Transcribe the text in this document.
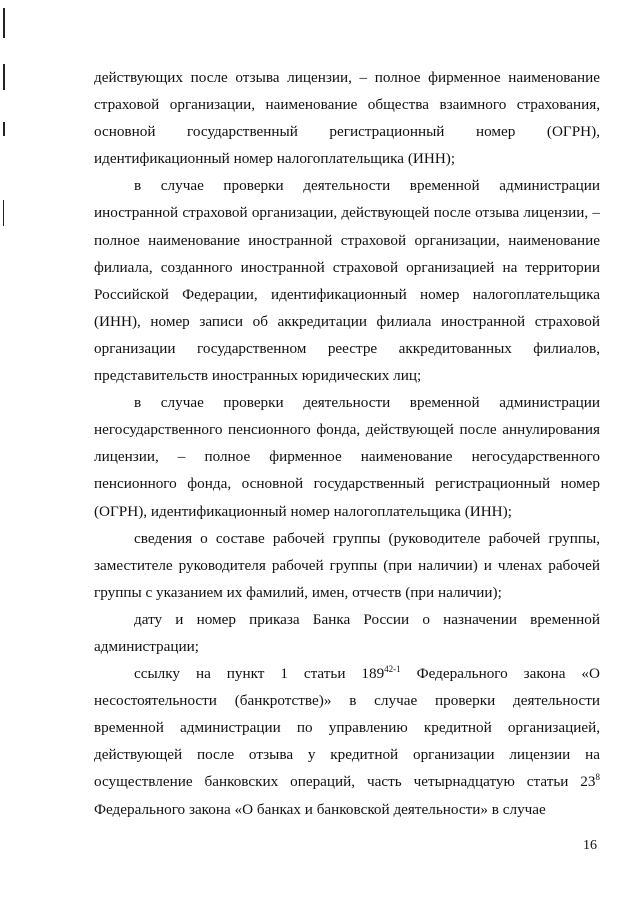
действующих после отзыва лицензии, – полное фирменное наименование страховой организации, наименование общества взаимного страхования, основной государственный регистрационный номер (ОГРН), идентификационный номер налогоплательщика (ИНН);

в случае проверки деятельности временной администрации иностранной страховой организации, действующей после отзыва лицензии, – полное наименование иностранной страховой организации, наименование филиала, созданного иностранной страховой организацией на территории Российской Федерации, идентификационный номер налогоплательщика (ИНН), номер записи об аккредитации филиала иностранной страховой организации государственном реестре аккредитованных филиалов, представительств иностранных юридических лиц;

в случае проверки деятельности временной администрации негосударственного пенсионного фонда, действующей после аннулирования лицензии, – полное фирменное наименование негосударственного пенсионного фонда, основной государственный регистрационный номер (ОГРН), идентификационный номер налогоплательщика (ИНН);

сведения о составе рабочей группы (руководителе рабочей группы, заместителе руководителя рабочей группы (при наличии) и членах рабочей группы с указанием их фамилий, имен, отчеств (при наличии);

дату и номер приказа Банка России о назначении временной администрации;

ссылку на пункт 1 статьи 189$^{42-1}$ Федерального закона «О несостоятельности (банкротстве)» в случае проверки деятельности временной администрации по управлению кредитной организацией, действующей после отзыва у кредитной организации лицензии на осуществление банковских операций, часть четырнадцатую статьи $23^8$ Федерального закона «О банках и банковской деятельности» в случае

16
